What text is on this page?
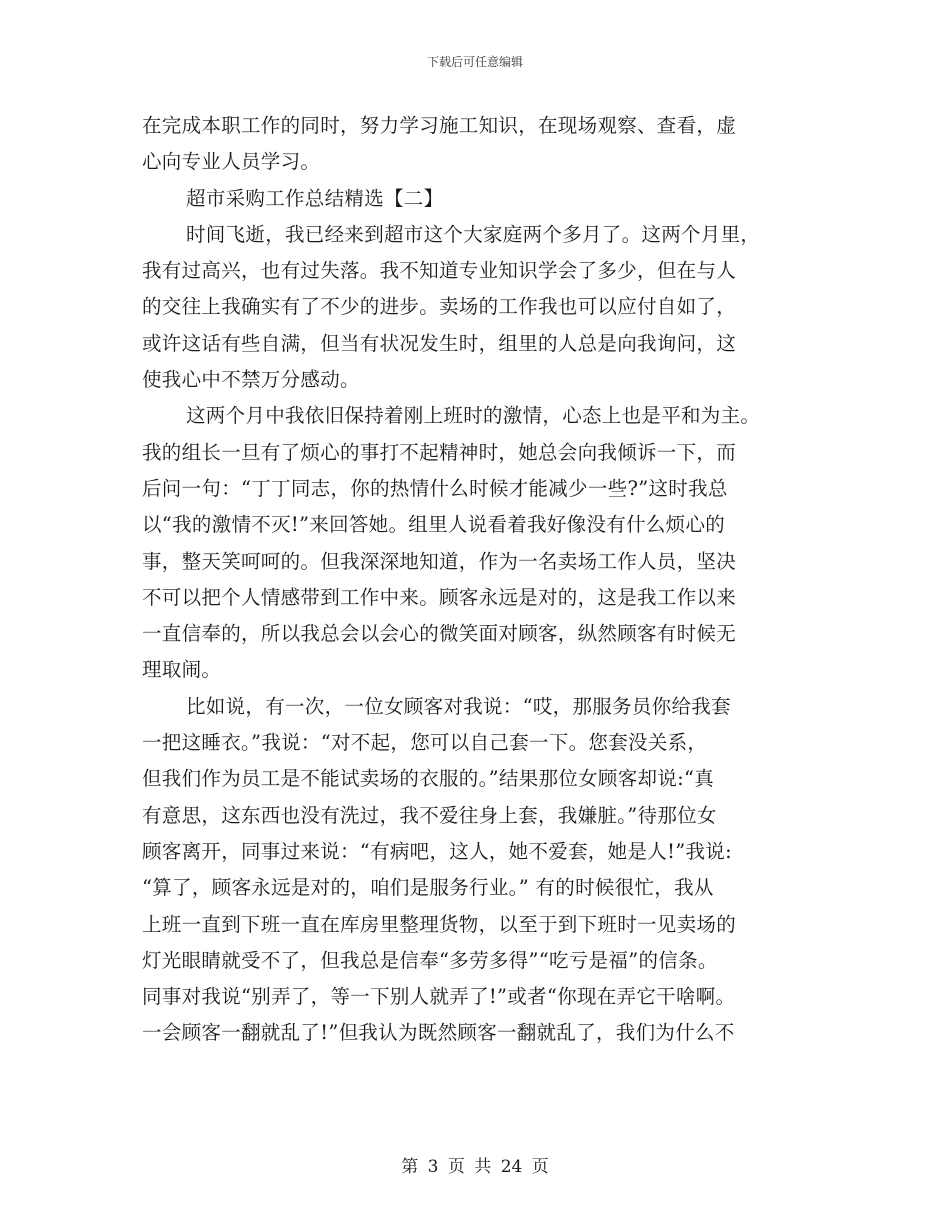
下载后可任意编辑
在完成本职工作的同时，努力学习施工知识，在现场观察、查看，虚
心向专业人员学习。
超市采购工作总结精选【二】
时间飞逝，我已经来到超市这个大家庭两个多月了。这两个月里，
我有过高兴，也有过失落。我不知道专业知识学会了多少，但在与人
的交往上我确实有了不少的进步。卖场的工作我也可以应付自如了，
或许这话有些自满，但当有状况发生时，组里的人总是向我询问，这
使我心中不禁万分感动。
这两个月中我依旧保持着刚上班时的激情，心态上也是平和为主。
我的组长一旦有了烦心的事打不起精神时，她总会向我倾诉一下，而
后问一句：“丁丁同志，你的热情什么时候才能减少一些?”这时我总
以“我的激情不灭!”来回答她。组里人说看着我好像没有什么烦心的
事，整天笑呵呵的。但我深深地知道，作为一名卖场工作人员，坚决
不可以把个人情感带到工作中来。顾客永远是对的，这是我工作以来
一直信奉的，所以我总会以会心的微笑面对顾客，纵然顾客有时候无
理取闹。
比如说，有一次，一位女顾客对我说：“哎，那服务员你给我套
一把这睡衣。”我说：“对不起，您可以自己套一下。您套没关系，
但我们作为员工是不能试卖场的衣服的。”结果那位女顾客却说:“真
有意思，这东西也没有洗过，我不爱往身上套，我嫌脏。”待那位女
顾客离开，同事过来说：“有病吧，这人，她不爱套，她是人!”我说:
“算了，顾客永远是对的，咱们是服务行业。” 有的时候很忙，我从
上班一直到下班一直在库房里整理货物，以至于到下班时一见卖场的
灯光眼睛就受不了，但我总是信奉“多劳多得”“吃亏是福”的信条。
同事对我说“别弄了，等一下别人就弄了!”或者“你现在弄它干啥啊。
一会顾客一翻就乱了!”但我认为既然顾客一翻就乱了，我们为什么不
第 3 页 共 24 页
